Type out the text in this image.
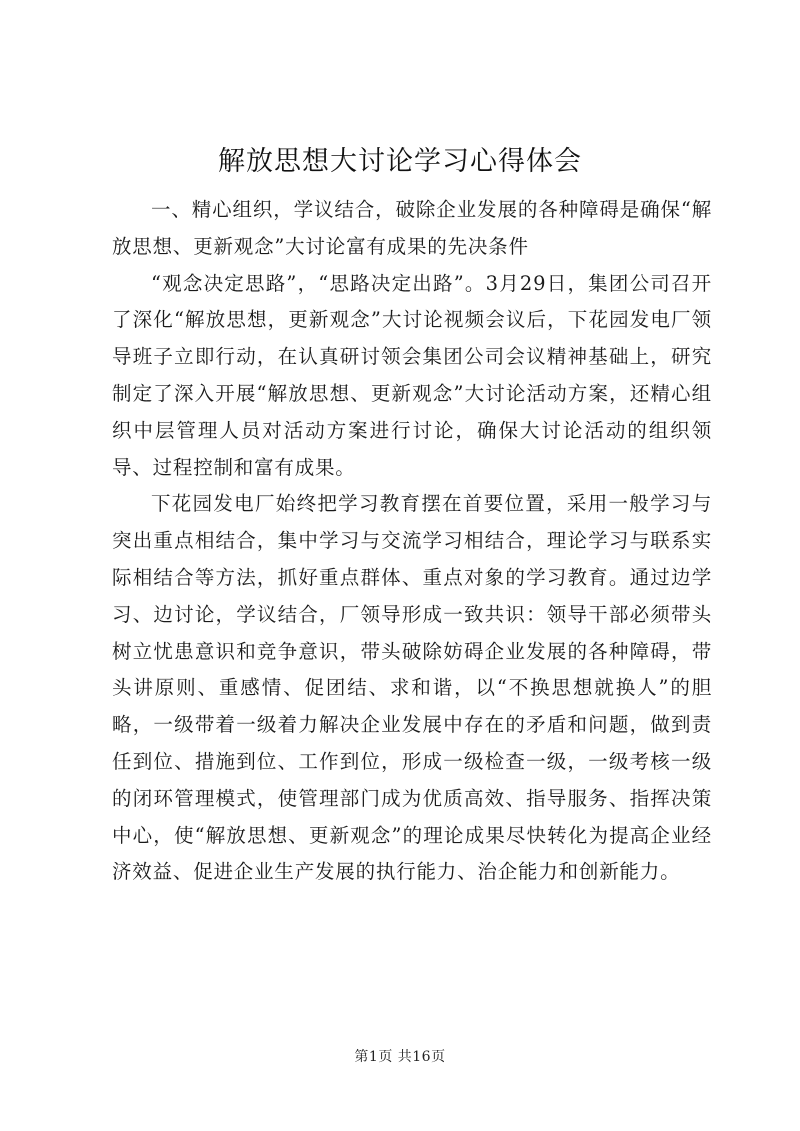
解放思想大讨论学习心得体会

一、精心组织，学议结合，破除企业发展的各种障碍是确保“解放思想、更新观念”大讨论富有成果的先决条件

“观念决定思路”，“思路决定出路”。3月29日，集团公司召开了深化“解放思想，更新观念”大讨论视频会议后，下花园发电厂领导班子立即行动，在认真研讨领会集团公司会议精神基础上，研究制定了深入开展“解放思想、更新观念”大讨论活动方案，还精心组织中层管理人员对活动方案进行讨论，确保大讨论活动的组织领导、过程控制和富有成果。

下花园发电厂始终把学习教育摆在首要位置，采用一般学习与突出重点相结合，集中学习与交流学习相结合，理论学习与联系实际相结合等方法，抓好重点群体、重点对象的学习教育。通过边学习、边讨论，学议结合，厂领导形成一致共识：领导干部必须带头树立忧患意识和竞争意识，带头破除妨碍企业发展的各种障碍，带头讲原则、重感情、促团结、求和谐，以“不换思想就换人”的胆略，一级带着一级着力解决企业发展中存在的矛盾和问题，做到责任到位、措施到位、工作到位，形成一级检查一级，一级考核一级的闭环管理模式，使管理部门成为优质高效、指导服务、指挥决策中心，使“解放思想、更新观念”的理论成果尽快转化为提高企业经济效益、促进企业生产发展的执行能力、治企能力和创新能力。

第1页 共16页
